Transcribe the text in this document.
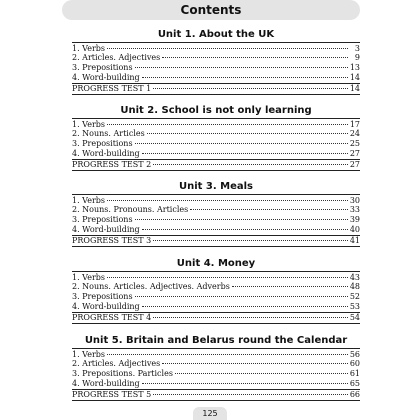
Contents
Unit 1. About the UK
1. Verbs	3
2. Articles. Adjectives	9
3. Prepositions	13
4. Word-building	14
PROGRESS TEST 1	14
Unit 2. School is not only learning
1. Verbs	17
2. Nouns. Articles	24
3. Prepositions	25
4. Word-building	27
PROGRESS TEST 2	27
Unit 3. Meals
1. Verbs	30
2. Nouns. Pronouns. Articles	33
3. Prepositions	39
4. Word-building	40
PROGRESS TEST 3	41
Unit 4. Money
1. Verbs	43
2. Nouns. Articles. Adjectives. Adverbs	48
3. Prepositions	52
4. Word-building	53
PROGRESS TEST 4	54
Unit 5. Britain and Belarus round the Calendar
1. Verbs	56
2. Articles. Adjectives	60
3. Prepositions. Particles	61
4. Word-building	65
PROGRESS TEST 5	66
125
